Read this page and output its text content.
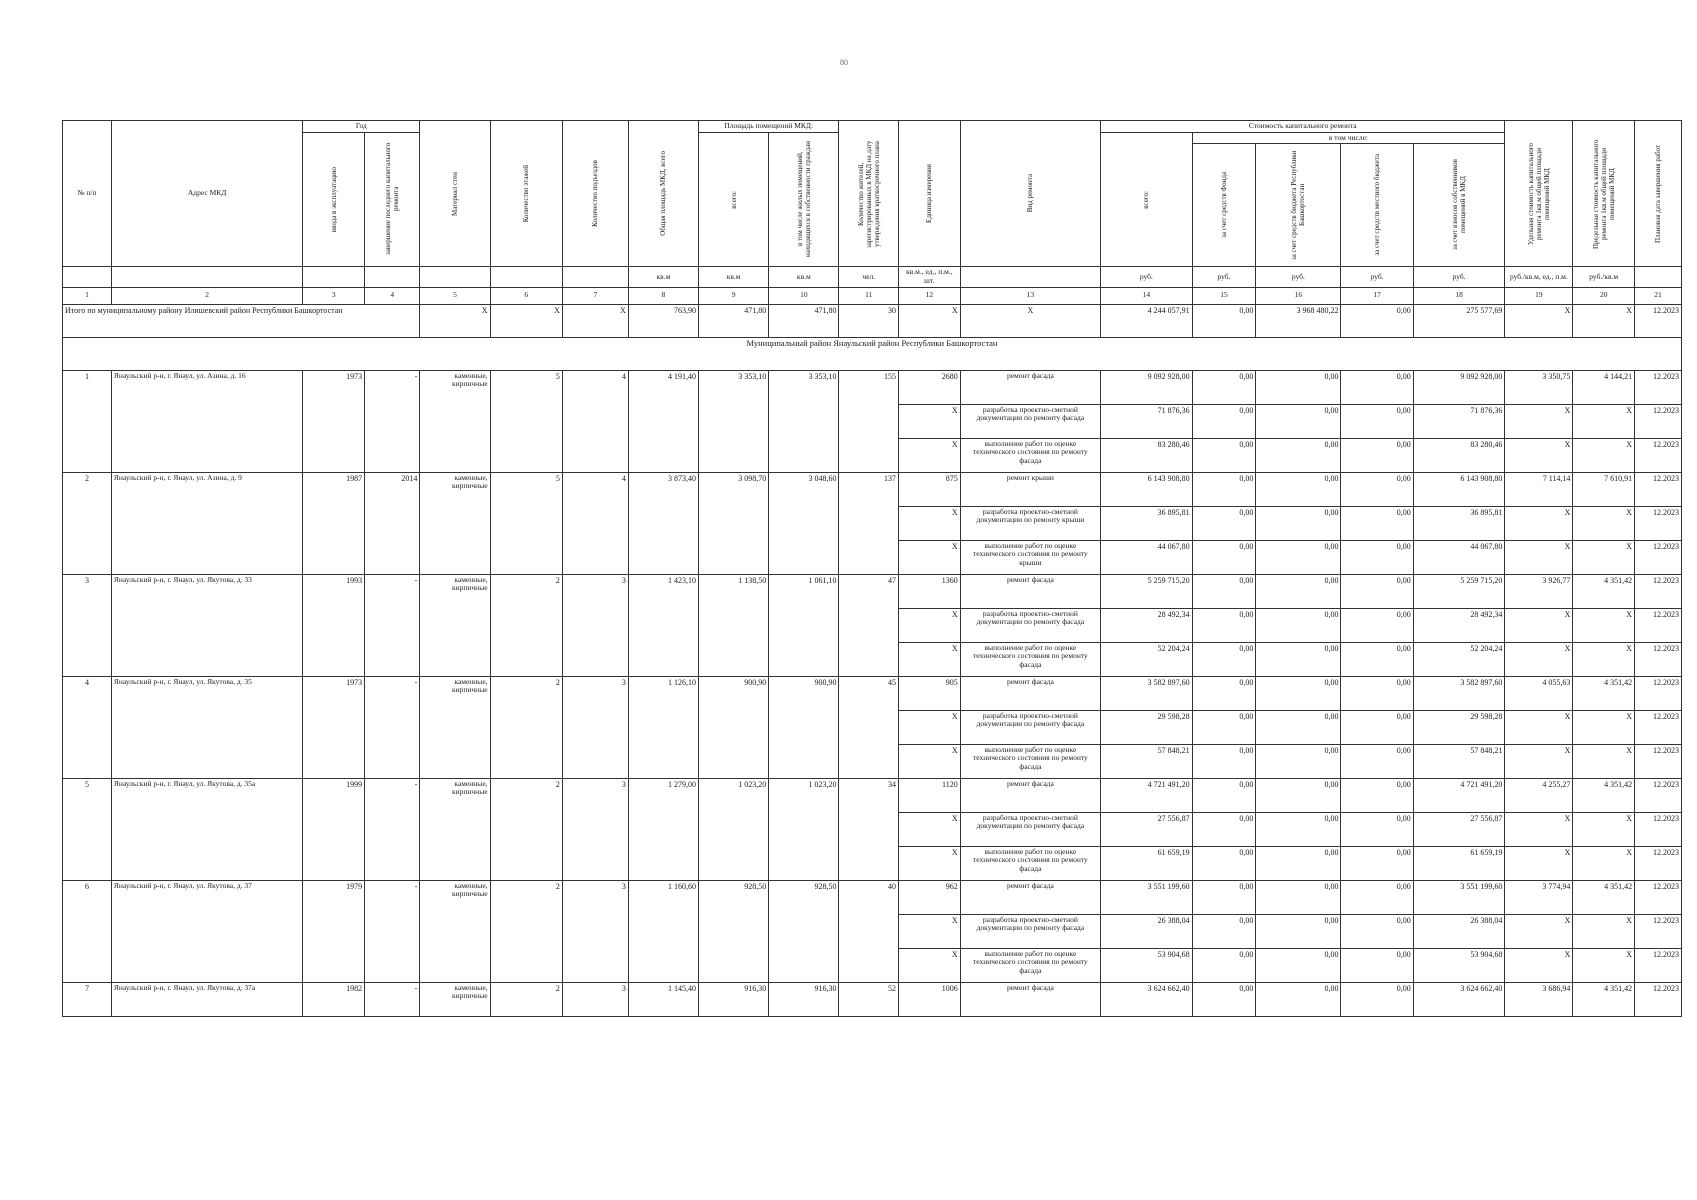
80
№ п/п	Адрес МКД	Год		Материал стен	Количество этажей	Количество подъездов	Общая площадь МКД, всего	Площадь помещений МКД:		Количество жителей, зарегистрированных в МКД на дату утверждения краткосрочного плана	Единица измерения	Вид ремонта	Стоимость капитального ремонта					Удельная стоимость капитального ремонта 1кв.м общей площади помещений МКД	Предельная стоимость капитального ремонта 1кв.м общей площади помещений МКД	Плановая дата завершения работ

		ввода в эксплуатацию	завершение последнего капитального ремонта					всего:	в том числе жилых помещений, находящихся в собственности граждан				всего:	в том числе:						

														за счет средств Фонда	за счет средств бюджета Республики Башкортостан	за счет средств местного бюджета	за счет взносов собственников помещений в МКД			

							кв.м	кв.м	кв.м	чел.	кв.м., ед., п.м., шт.		руб.	руб.	руб.	руб.	руб.	руб./кв.м, ед., п.м.	руб./кв.м	
1	2	3	4	5	6	7	8	9	10	11	12	13	14	15	16	17	18	19	20	21
Итого по муниципальному району Илишевский район Республики Башкортостан				X	X	X	763,90	471,80	471,80	30	X	X	4 244 057,91	0,00	3 968 480,22	0,00	275 577,69	X	X	12.2023
Муниципальный район Янаульский район Республики Башкортостан																				
1	Янаульский р-н, г. Янаул, ул. Азина, д. 16	1973	-	каменные, кирпичные	5	4	4 191,40	3 353,10	3 353,10	155	2680	ремонт фасада	9 092 928,00	0,00	0,00	0,00	9 092 928,00	3 350,75	4 144,21	12.2023
											X	разработка проектно-сметной документации по ремонту фасада	71 876,36	0,00	0,00	0,00	71 876,36	X	X	12.2023
											X	выполнение работ по оценке технического состояния по ремонту фасада	83 280,46	0,00	0,00	0,00	83 280,46	X	X	12.2023
2	Янаульский р-н, г. Янаул, ул. Азина, д. 9	1987	2014	каменные, кирпичные	5	4	3 873,40	3 098,70	3 048,60	137	875	ремонт крыши	6 143 908,80	0,00	0,00	0,00	6 143 908,80	7 114,14	7 610,91	12.2023
											X	разработка проектно-сметной документации по ремонту крыши	36 895,81	0,00	0,00	0,00	36 895,81	X	X	12.2023
											X	выполнение работ по оценке технического состояния по ремонту крыши	44 067,80	0,00	0,00	0,00	44 067,80	X	X	12.2023
3	Янаульский р-н, г. Янаул, ул. Якутова, д. 33	1993	-	каменные, кирпичные	2	3	1 423,10	1 138,50	1 061,10	47	1360	ремонт фасада	5 259 715,20	0,00	0,00	0,00	5 259 715,20	3 926,77	4 351,42	12.2023
											X	разработка проектно-сметной документации по ремонту фасада	28 492,34	0,00	0,00	0,00	28 492,34	X	X	12.2023
											X	выполнение работ по оценке технического состояния по ремонту фасада	52 204,24	0,00	0,00	0,00	52 204,24	X	X	12.2023
4	Янаульский р-н, г. Янаул, ул. Якутова, д. 35	1973	-	каменные, кирпичные	2	3	1 126,10	900,90	900,90	45	905	ремонт фасада	3 582 897,60	0,00	0,00	0,00	3 582 897,60	4 055,63	4 351,42	12.2023
											X	разработка проектно-сметной документации по ремонту фасада	29 598,28	0,00	0,00	0,00	29 598,28	X	X	12.2023
											X	выполнение работ по оценке технического состояния по ремонту фасада	57 848,21	0,00	0,00	0,00	57 848,21	X	X	12.2023
5	Янаульский р-н, г. Янаул, ул. Якутова, д. 35а	1999	-	каменные, кирпичные	2	3	1 279,00	1 023,20	1 023,20	34	1120	ремонт фасада	4 721 491,20	0,00	0,00	0,00	4 721 491,20	4 255,27	4 351,42	12.2023
											X	разработка проектно-сметной документации по ремонту фасада	27 556,87	0,00	0,00	0,00	27 556,87	X	X	12.2023
											X	выполнение работ по оценке технического состояния по ремонту фасада	61 659,19	0,00	0,00	0,00	61 659,19	X	X	12.2023
6	Янаульский р-н, г. Янаул, ул. Якутова, д. 37	1979	-	каменные, кирпичные	2	3	1 160,60	928,50	928,50	40	962	ремонт фасада	3 551 199,60	0,00	0,00	0,00	3 551 199,60	3 774,94	4 351,42	12.2023
											X	разработка проектно-сметной документации по ремонту фасада	26 388,04	0,00	0,00	0,00	26 388,04	X	X	12.2023
											X	выполнение работ по оценке технического состояния по ремонту фасада	53 904,68	0,00	0,00	0,00	53 904,68	X	X	12.2023
7	Янаульский р-н, г. Янаул, ул. Якутова, д. 37а	1982	-	каменные, кирпичные	2	3	1 145,40	916,30	916,30	52	1006	ремонт фасада	3 624 662,40	0,00	0,00	0,00	3 624 662,40	3 686,94	4 351,42	12.2023
